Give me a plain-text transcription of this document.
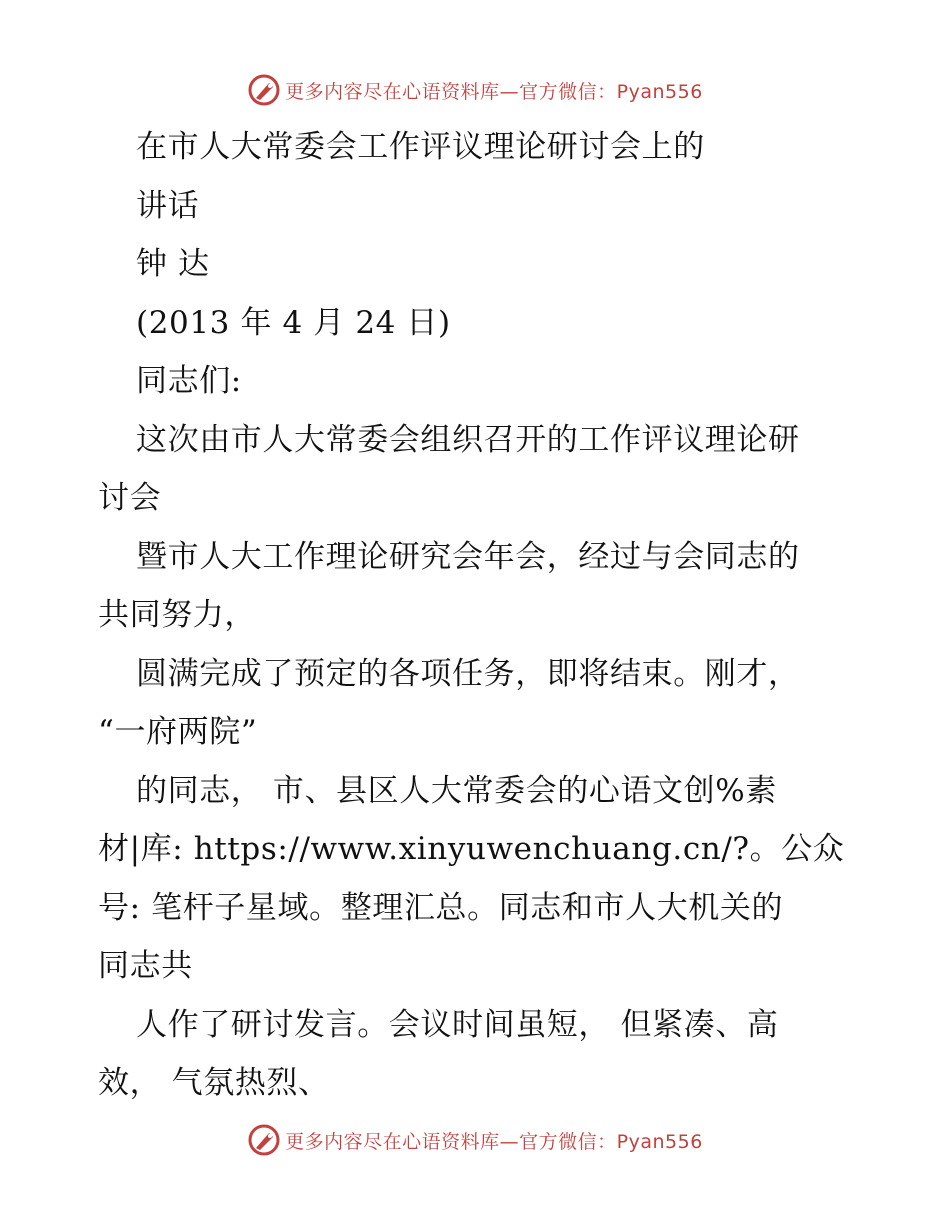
更多内容尽在心语资料库—官方微信：Pyan556
在市人大常委会工作评议理论研讨会上的
讲话
钟 达
(2013 年 4 月 24 日)
同志们:
这次由市人大常委会组织召开的工作评议理论研
讨会
暨市人大工作理论研究会年会，经过与会同志的
共同努力，
圆满完成了预定的各项任务，即将结束。刚才，
“一府两院”
的同志， 市、县区人大常委会的心语文创%素
材|库: https://www.xinyuwenchuang.cn/?。公众
号: 笔杆子星域。整理汇总。同志和市人大机关的
同志共
人作了研讨发言。会议时间虽短， 但紧凑、高
效， 气氛热烈、
更多内容尽在心语资料库—官方微信：Pyan556
